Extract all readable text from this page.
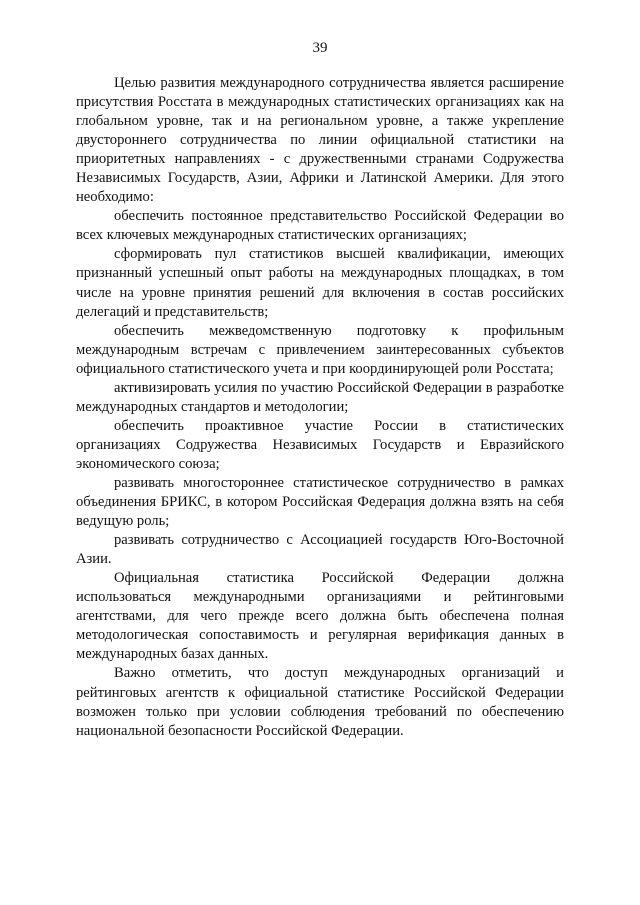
39

Целью развития международного сотрудничества является расширение присутствия Росстата в международных статистических организациях как на глобальном уровне, так и на региональном уровне, а также укрепление двустороннего сотрудничества по линии официальной статистики на приоритетных направлениях - с дружественными странами Содружества Независимых Государств, Азии, Африки и Латинской Америки. Для этого необходимо:

обеспечить постоянное представительство Российской Федерации во всех ключевых международных статистических организациях;

сформировать пул статистиков высшей квалификации, имеющих признанный успешный опыт работы на международных площадках, в том числе на уровне принятия решений для включения в состав российских делегаций и представительств;

обеспечить межведомственную подготовку к профильным международным встречам с привлечением заинтересованных субъектов официального статистического учета и при координирующей роли Росстата;

активизировать усилия по участию Российской Федерации в разработке международных стандартов и методологии;

обеспечить проактивное участие России в статистических организациях Содружества Независимых Государств и Евразийского экономического союза;

развивать многостороннее статистическое сотрудничество в рамках объединения БРИКС, в котором Российская Федерация должна взять на себя ведущую роль;

развивать сотрудничество с Ассоциацией государств Юго-Восточной Азии.

Официальная статистика Российской Федерации должна использоваться международными организациями и рейтинговыми агентствами, для чего прежде всего должна быть обеспечена полная методологическая сопоставимость и регулярная верификация данных в международных базах данных.

Важно отметить, что доступ международных организаций и рейтинговых агентств к официальной статистике Российской Федерации возможен только при условии соблюдения требований по обеспечению национальной безопасности Российской Федерации.
